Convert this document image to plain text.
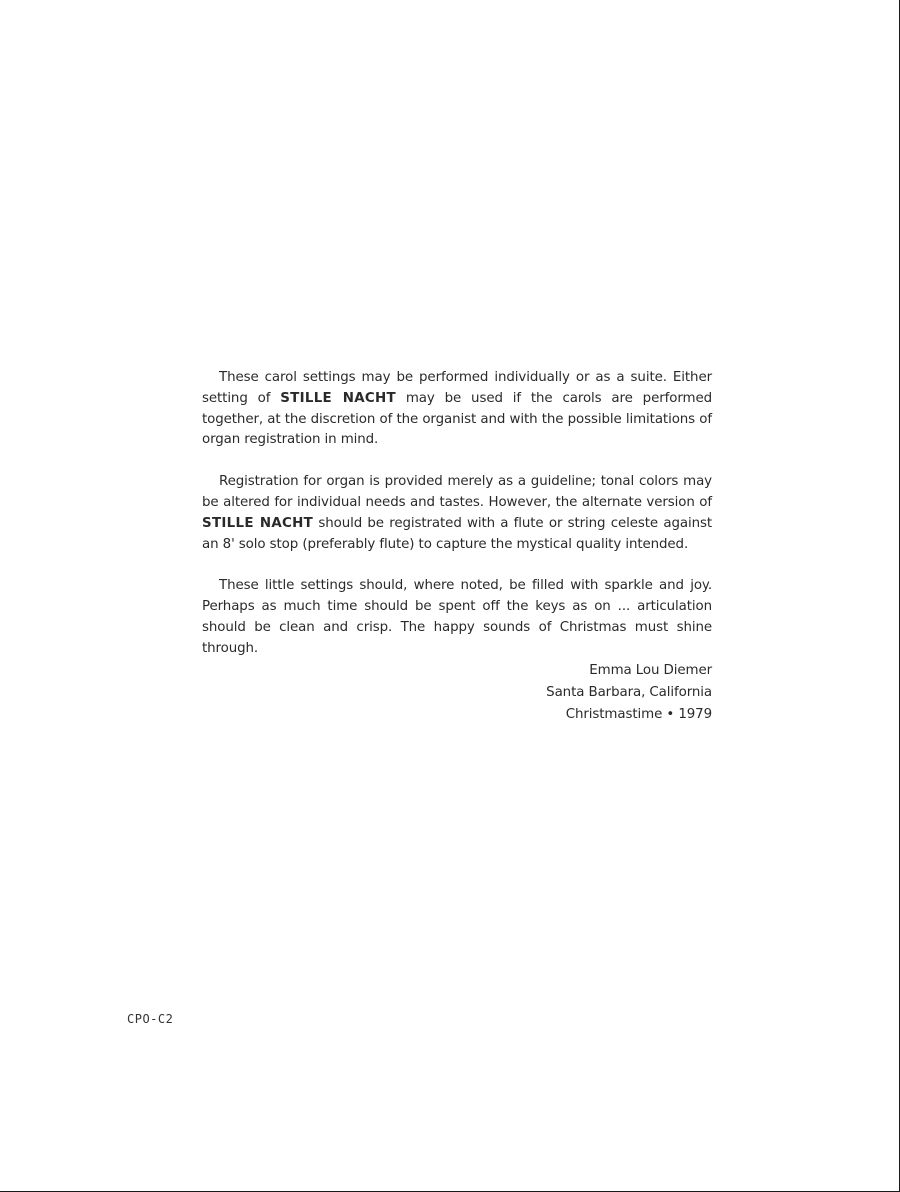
These carol settings may be performed individually or as a suite. Either setting of STILLE NACHT may be used if the carols are performed together, at the discretion of the organist and with the possible limitations of organ registration in mind.

Registration for organ is provided merely as a guideline; tonal colors may be altered for individual needs and tastes. However, the alternate version of STILLE NACHT should be registrated with a flute or string celeste against an 8' solo stop (preferably flute) to capture the mystical quality intended.

These little settings should, where noted, be filled with sparkle and joy. Perhaps as much time should be spent off the keys as on ... articulation should be clean and crisp. The happy sounds of Christmas must shine through.

Emma Lou Diemer
Santa Barbara, California
Christmastime • 1979
CPO-C2
